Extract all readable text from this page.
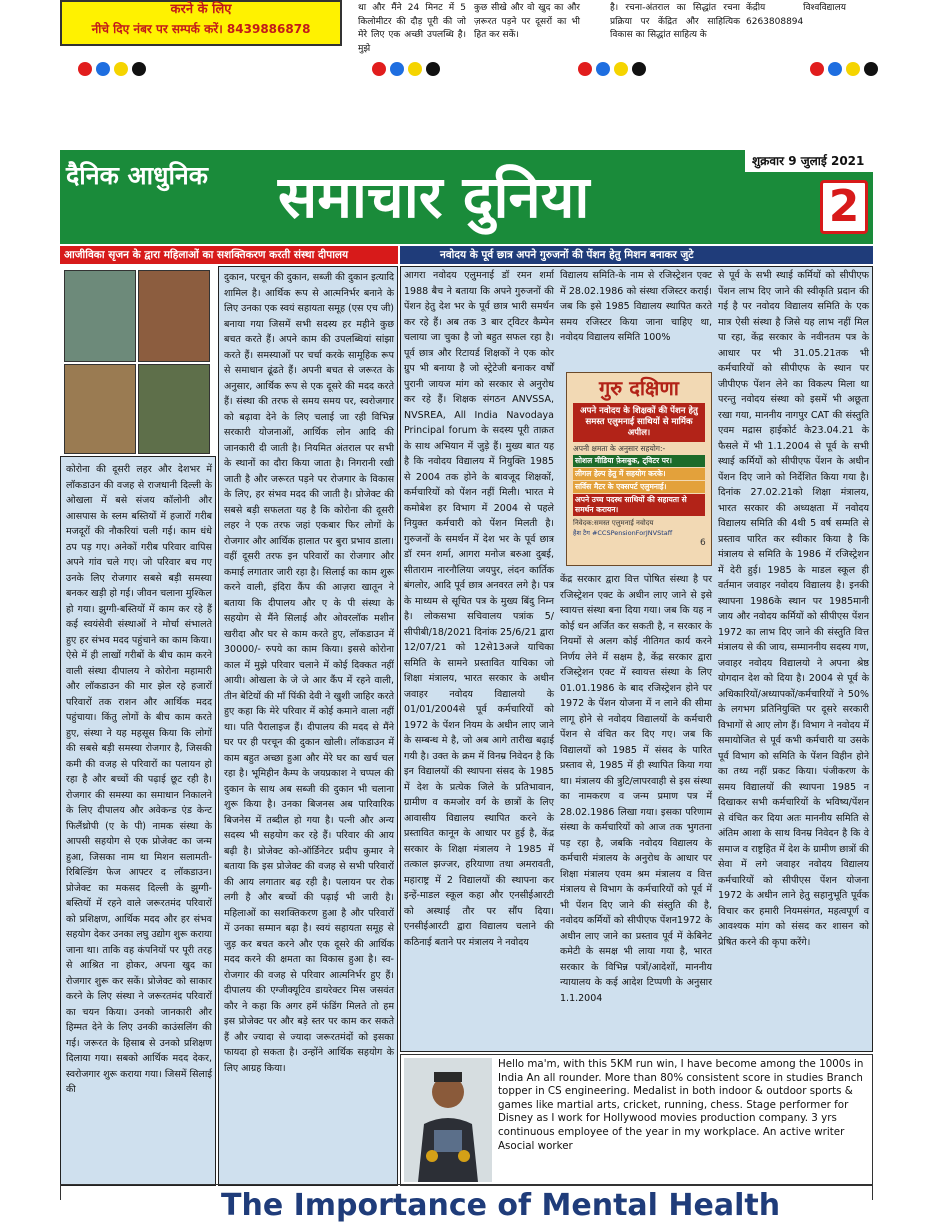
करने के लिए
नीचे दिए नंबर पर सम्पर्क करें। 8439886878
था और मैंने 24 मिनट में 5 किलोमीटर की दौड़ पूरी की जो मेरे लिए एक अच्छी उपलब्धि है। मुझे
कुछ सीखे और वो खुद का और ज़रूरत पड़ने पर दूसरों का भी हित कर सकें।
है। रचना-अंतराल का सिद्धांत रचना प्रक्रिया पर केंद्रित और साहित्यिक विकास का सिद्धांत साहित्य के
केंद्रीय विश्वविद्यालय 6263808894
दैनिक आधुनिक समाचार दुनिया
शुक्रवार 9 जुलाई 2021
2
आजीविका सृजन के द्वारा महिलाओं का सशक्तिकरण करती संस्था दीपालय
कोरोना की दूसरी लहर और देशभर में लॉकडाउन की वजह से राजधानी दिल्ली के ओखला में बसे संजय कॉलोनी और आसपास के स्लम बस्तियों में हजारों गरीब मजदूरों की नौकरियां चली गई। काम धंधे ठप पड़ गए। अनेकों गरीब परिवार वापिस अपने गांव चले गए। जो परिवार बच गए उनके लिए रोजगार सबसे बड़ी समस्या बनकर खड़ी हो गई। जीवन चलाना मुश्किल हो गया। झुग्गी-बस्तियों में काम कर रहे हैं कई स्वयंसेवी संस्थाओं ने मोर्चा संभालते हुए हर संभव मदद पहुंचाने का काम किया। ऐसे में ही लाखों गरीबों के बीच काम करने वाली संस्था दीपालय ने कोरोना महामारी और लॉकडाउन की मार झेल रहे हजारों परिवारों तक राशन और आर्थिक मदद पहुंचाया। किंतु लोगों के बीच काम करते हुए, संस्था ने यह महसूस किया कि लोगों की सबसे बड़ी समस्या रोजगार है, जिसकी कमी की वजह से परिवारों का पलायन हो रहा है और बच्चों की पढ़ाई छूट रही है। रोजगार की समस्या का समाधान निकालने के लिए दीपालय और अवेकन्ड एंड केन्ट फिलैंथ्रोपी (ए के पी) नामक संस्था के आपसी सहयोग से एक प्रोजेक्ट का जन्म हुआ, जिसका नाम था मिशन सलामती-रिबिल्डिंग फेज आफ्टर द लॉकडाउन। प्रोजेक्ट का मकसद दिल्ली के झुग्गी-बस्तियों में रहने वाले जरूरतमंद परिवारों को प्रशिक्षण, आर्थिक मदद और हर संभव सहयोग देकर उनका लघु उद्योग शुरू कराया जाना था। ताकि वह कंपनियों पर पूरी तरह से आश्रित ना होकर, अपना खुद का रोजगार शुरू कर सकें। प्रोजेक्ट को साकार करने के लिए संस्था ने जरूरतमंद परिवारों का चयन किया। उनको जानकारी और हिम्मत देने के लिए उनकी काउंसलिंग की गई। जरूरत के हिसाब से उनको प्रशिक्षण दिलाया गया। सबको आर्थिक मदद देकर, स्वरोजगार शुरू कराया गया। जिसमें सिलाई की
दुकान, परचून की दुकान, सब्जी की दुकान इत्यादि शामिल है। आर्थिक रूप से आत्मनिर्भर बनाने के लिए उनका एक स्वयं सहायता समूह (एस एच जी) बनाया गया जिसमें सभी सदस्य हर महीने कुछ बचत करते हैं। अपने काम की उपलब्धियां सांझा करते हैं। समस्याओं पर चर्चा करके सामूहिक रूप से समाधान ढूंढते हैं। अपनी बचत से जरूरत के अनुसार, आर्थिक रूप से एक दूसरे की मदद करते हैं। संस्था की तरफ से समय समय पर, स्वरोजगार को बढ़ावा देने के लिए चलाई जा रही विभिन्न सरकारी योजनाओं, आर्थिक लोन आदि की जानकारी दी जाती है। नियमित अंतराल पर सभी के स्थानों का दौरा किया जाता है। निगरानी रखी जाती है और जरूरत पड़ने पर रोजगार के विकास के लिए, हर संभव मदद की जाती है। प्रोजेक्ट की सबसे बड़ी सफलता यह है कि कोरोना की दूसरी लहर ने एक तरफ जहां एकबार फिर लोगों के रोजगार और आर्थिक हालात पर बुरा प्रभाव डाला। वहीं दूसरी तरफ इन परिवारों का रोजगार और कमाई लगातार जारी रहा है। सिलाई का काम शुरू करने वाली, इंदिरा कैंप की आज़रा खातून ने बताया कि दीपालय और ए के पी संस्था के सहयोग से मैंने सिलाई और ओवरलॉक मशीन खरीदा और घर से काम करते हुए, लॉकडाउन में 30000/- रुपये का काम किया। इससे कोरोना काल में मुझे परिवार चलाने में कोई दिक्कत नहीं आयी। ओखला के जे जे आर कैंप में रहने वाली, तीन बेटियों की माँ पिंकी देवी ने खुशी जाहिर करते हुए कहा कि मेरे परिवार में कोई कमाने वाला नहीं था। पति पैरालाइज हैं। दीपालय की मदद से मैंने घर पर ही परचून की दुकान खोली। लॉकडाउन में काम बहुत अच्छा हुआ और मेरे घर का खर्च चल रहा है। भूमिहीन कैम्प के जयप्रकाश ने चप्पल की दुकान के साथ अब सब्जी की दुकान भी चलाना शुरू किया है। उनका बिजनस अब पारिवारिक बिजनेस में तब्दील हो गया है। पत्नी और अन्य सदस्य भी सहयोग कर रहे हैं। परिवार की आय बढ़ी है। प्रोजेक्ट को-ऑर्डिनेटर प्रदीप कुमार ने बताया कि इस प्रोजेक्ट की वजह से सभी परिवारों की आय लगातार बढ़ रही है। पलायन पर रोक लगी है और बच्चों की पढ़ाई भी जारी है। महिलाओं का सशक्तिकरण हुआ है और परिवारों में उनका सम्मान बढ़ा है। स्वयं सहायता समूह से जुड़ कर बचत करने और एक दूसरे की आर्थिक मदद करने की क्षमता का विकास हुआ है। स्व-रोजगार की वजह से परिवार आत्मनिर्भर हुए हैं। दीपालय की एग्जीक्यूटिव डायरेक्टर मिस जसवंत कौर ने कहा कि अगर हमें फंडिंग मिलते तो हम इस प्रोजेक्ट पर और बड़े स्तर पर काम कर सकते हैं और ज्यादा से ज्यादा जरूरतमंदों को इसका फायदा हो सकता है। उन्होंने आर्थिक सहयोग के लिए आग्रह किया।
नवोदय के पूर्व छात्र अपने गुरुजनों की पेंशन हेतु मिशन बनाकर जुटे
आगरा नवोदय एलुमनाई डॉ रमन शर्मा 1988 बैच ने बताया कि अपने गुरुजनों की पेंशन हेतु देश भर के पूर्व छात्र भारी समर्थन कर रहे हैं। अब तक 3 बार ट्विटर कैम्पेन चलाया जा चुका है जो बहुत सफल रहा है। पूर्व छात्र और रिटायर्ड शिक्षकों ने एक कोर ग्रुप भी बनाया है जो स्ट्रेटेजी बनाकर वर्षों पुरानी जायज मांग को सरकार से अनुरोध कर रहे हैं। शिक्षक संगठन ANVSSA, NVSREA, All India Navodaya Principal forum के सदस्य पूरी ताक़त के साथ अभियान में जुड़े हैं। मुख्य बात यह है कि नवोदय विद्यालय में नियुक्ति 1985 से 2004 तक होने के बावजूद शिक्षकों, कर्मचारियों को पेंशन नहीं मिली। भारत मे कमोबेश हर विभाग में 2004 से पहले नियुक्त कर्मचारी को पेंशन मिलती है। गुरुजनों के समर्थन में देश भर के पूर्व छात्र डॉ रमन शर्मा, आगरा मनोज बरुआ दुबई, सीताराम नारनौलिया जयपुर, लंदन कार्तिक बंगलोर, आदि पूर्व छात्र अनवरत लगे है। पत्र के माध्यम से सूचित पत्र के मुख्य बिंदु निम्न है। लोकसभा सचिवालय पत्रांक 5/सीपीबी/18/2021 दिनांक 25/6/21 द्वारा 12/07/21 को 12से13अजे याचिका समिति के सामने प्रस्तावित याचिका जो शिक्षा मंत्रालय, भारत सरकार के अधीन जवाहर नवोदय विद्यालयो के 01/01/2004से पूर्व कर्मचारियों को 1972 के पेंशन नियम के अधीन लाए जाने के सम्बन्ध मे है, जो अब आगे तारीख बढ़ाई गयी है। उक्त के क्रम में विनम्र निवेदन है कि इन विद्यालयों की स्थापना संसद के 1985 में देश के प्रत्येक जिले के प्रतिभावान, ग्रामीण व कमजोर वर्ग के छात्रों के लिए आवासीय विद्यालय स्थापित करने के प्रस्तावित कानून के आधार पर हुई है, केंद्र सरकार के शिक्षा मंत्रालय ने 1985 में तत्काल झज्जर, हरियाणा तथा अमरावती, महाराष्ट्र में 2 विद्यालयों की स्थापना कर इन्हें-माडल स्कूल कहा और एनसीईआरटी को अस्थाई तौर पर सौंप दिया। एनसीईआरटी द्वारा विद्यालय चलाने की कठिनाई बताने पर मंत्रालय ने नवोदय
विद्यालय समिति-के नाम से रजिस्ट्रेशन एक्ट में 28.02.1986 को संस्था रजिस्टर कराई। जब कि इसे 1985 विद्यालय स्थापित करते समय रजिस्टर किया जाना चाहिए था, नवोदय विद्यालय समिति 100%
गुरु दक्षिणा
अपने नवोदय के शिक्षकों की पेंशन हेतु समस्त एलुमनाई साथियों से मार्मिक अपील।
अपनी क्षमता के अनुसार सहयोग:-
सोशल मीडिया फ़ेसबुक, ट्विटर पर।
लीगल हेल्प हेतु में सहयोग करके।
सर्विस मैटर के एक्सपर्ट एलुमनाई।
अपने उच्च पदस्थ साथियों की सहायता से समर्थन करायन।
निवेदक:समस्त एलुमनाई नवोदय
हैश टैग #CCSPensionForJNVStaff
6
केंद्र सरकार द्वारा वित्त पोषित संस्था है पर रजिस्ट्रेशन एक्ट के अधीन लाए जाने से इसे स्वायत्त संस्था बना दिया गया। जब कि यह न कोई धन अर्जित कर सकती है, न सरकार के नियमों से अलग कोई नीतिगत कार्य करने निर्णय लेने में सक्षम है, केंद्र सरकार द्वारा रजिस्ट्रेशन एक्ट में स्वायत्त संस्था के लिए 01.01.1986 के बाद रजिस्ट्रेशन होने पर 1972 के पेंशन योजना में न लाने की सीमा लागू होने से नवोदय विद्यालयों के कर्मचारी पेंशन से वंचित कर दिए गए। जब कि विद्यालयों को 1985 में संसद के पारित प्रस्ताव से, 1985 में ही स्थापित किया गया था। मंत्रालय की त्रुटि/लापरवाही से इस संस्था का नामकरण व जन्म प्रमाण पत्र में 28.02.1986 लिखा गया। इसका परिणाम संस्था के कर्मचारियों को आज तक भुगतना पड़ रहा है, जबकि नवोदय विद्यालय के कर्मचारी मंत्रालय के अनुरोध के आधार पर शिक्षा मंत्रालय एवम श्रम मंत्रालय व वित्त मंत्रालय से विभाग के कर्मचारियों को पूर्व में भी पेंशन दिए जाने की संस्तुति की है, नवोदय कर्मियों को सीपीएफ पेंशन1972 के अधीन लाए जाने का प्रस्ताव पूर्व में केबिनेट कमेटी के समक्ष भी लाया गया है, भारत सरकार के विभिन्न पत्रों/आदेशों, माननीय न्यायालय के कई आदेश टिप्पणी के अनुसार 1.1.2004
से पूर्व के सभी स्थाई कर्मियों को सीपीएफ पेंशन लाभ दिए जाने की स्वीकृति प्रदान की गई है पर नवोदय विद्यालय समिति के एक मात्र ऐसी संस्था है जिसे यह लाभ नहीं मिल पा रहा, केंद्र सरकार के नवीनतम पत्र के आधार पर भी 31.05.21तक भी कर्मचारियों को सीपीएफ के स्थान पर जीपीएफ पेंशन लेने का विकल्प मिला था परन्तु नवोदय संस्था को इसमें भी अछूता रखा गया, माननीय नागपुर CAT की संस्तुति एवम मद्रास हाईकोर्ट के23.04.21 के फैसले में भी 1.1.2004 से पूर्व के सभी स्थाई कर्मियों को सीपीएफ पेंशन के अधीन पेंशन दिए जाने को निर्देशित किया गया है। दिनांक 27.02.21को शिक्षा मंत्रालय, भारत सरकार की अध्यक्षता में नवोदय विद्यालय समिति की 4थी 5 वर्ष सम्मति से प्रस्ताव पारित कर स्वीकार किया है कि मंत्रालय से समिति के 1986 में रजिस्ट्रेशन में देरी हुई। 1985 के माडल स्कूल ही वर्तमान जवाहर नवोदय विद्यालय है। इनकी स्थापना 1986के स्थान पर 1985मानी जाय और नवोदय कर्मियों को सीपीएस पेंशन 1972 का लाभ दिए जाने की संस्तुति वित्त मंत्रालय से की जाय, सम्माननीय सदस्य गण, जवाहर नवोदय विद्यालयो ने अपना श्रेष्ठ योगदान देश को दिया है। 2004 से पूर्व के अधिकारियों/अध्यापकों/कर्मचारियों ने 50% के लगभग प्रतिनियुक्ति पर दूसरे सरकारी विभागों से आए लोग हैं। विभाग ने नवोदय में समायोजित से पूर्व कभी कर्मचारी या उसके पूर्व विभाग को समिति के पेंशन विहीन होने का तथ्य नहीं प्रकट किया। पंजीकरण के समय विद्यालयों की स्थापना 1985 न दिखाकर सभी कर्मचारियों के भविष्य/पेंशन से वंचित कर दिया अतः माननीय समिति से अंतिम आशा के साथ विनम्र निवेदन है कि वे समाज व राष्ट्रहित में देश के ग्रामीण छात्रों की सेवा में लगे जवाहर नवोदय विद्यालय कर्मचारियों को सीपीएस पेंशन योजना 1972 के अधीन लाने हेतु सहानुभूति पूर्वक विचार कर हमारी नियमसंगत, महत्वपूर्ण व आवश्यक मांग को संसद कर शासन को प्रेषित करने की कृपा करेंगे।
Hello ma'm, with this 5KM run win, I have become among the 1000s in India An all rounder. More than 80% consistent score in studies Branch topper in CS engineering. Medalist in both indoor & outdoor sports & games like martial arts, cricket, running, chess. Stage performer for Disney as I work for Hollywood movies production company. 3 yrs continuous employee of the year in my workplace. An active writer Asocial worker
The Importance of Mental Health
